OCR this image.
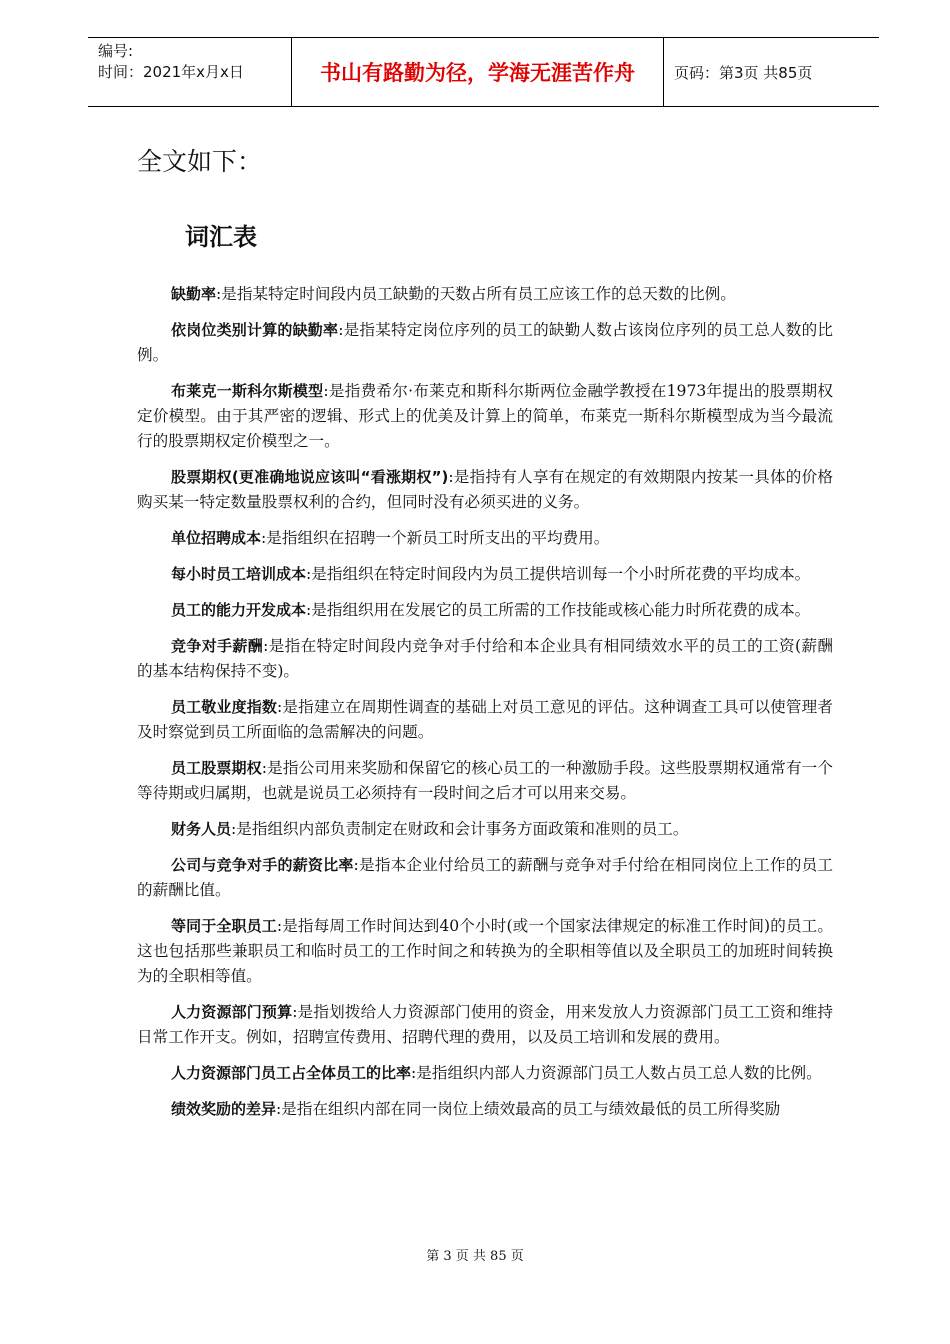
编号:
时间：2021年x月x日	书山有路勤为径，学海无涯苦作舟	页码：第3页 共85页
全文如下：
词汇表

缺勤率:是指某特定时间段内员工缺勤的天数占所有员工应该工作的总天数的比例。

依岗位类别计算的缺勤率:是指某特定岗位序列的员工的缺勤人数占该岗位序列的员工总人数的比例。

布莱克一斯科尔斯模型:是指费希尔·布莱克和斯科尔斯两位金融学教授在1973年提出的股票期权定价模型。由于其严密的逻辑、形式上的优美及计算上的简单，布莱克一斯科尔斯模型成为当今最流行的股票期权定价模型之一。

股票期权(更准确地说应该叫“看涨期权”):是指持有人享有在规定的有效期限内按某一具体的价格购买某一特定数量股票权利的合约，但同时没有必须买进的义务。

单位招聘成本:是指组织在招聘一个新员工时所支出的平均费用。

每小时员工培训成本:是指组织在特定时间段内为员工提供培训每一个小时所花费的平均成本。

员工的能力开发成本:是指组织用在发展它的员工所需的工作技能或核心能力时所花费的成本。

竞争对手薪酬:是指在特定时间段内竞争对手付给和本企业具有相同绩效水平的员工的工资(薪酬的基本结构保持不变)。

员工敬业度指数:是指建立在周期性调查的基础上对员工意见的评估。这种调查工具可以使管理者及时察觉到员工所面临的急需解决的问题。

员工股票期权:是指公司用来奖励和保留它的核心员工的一种激励手段。这些股票期权通常有一个等待期或归属期，也就是说员工必须持有一段时间之后才可以用来交易。

财务人员:是指组织内部负责制定在财政和会计事务方面政策和准则的员工。

公司与竞争对手的薪资比率:是指本企业付给员工的薪酬与竞争对手付给在相同岗位上工作的员工的薪酬比值。

等同于全职员工:是指每周工作时间达到40个小时(或一个国家法律规定的标准工作时间)的员工。这也包括那些兼职员工和临时员工的工作时间之和转换为的全职相等值以及全职员工的加班时间转换为的全职相等值。

人力资源部门预算:是指划拨给人力资源部门使用的资金，用来发放人力资源部门员工工资和维持日常工作开支。例如，招聘宣传费用、招聘代理的费用，以及员工培训和发展的费用。

人力资源部门员工占全体员工的比率:是指组织内部人力资源部门员工人数占员工总人数的比例。

绩效奖励的差异:是指在组织内部在同一岗位上绩效最高的员工与绩效最低的员工所得奖励

第 3 页 共 85 页
